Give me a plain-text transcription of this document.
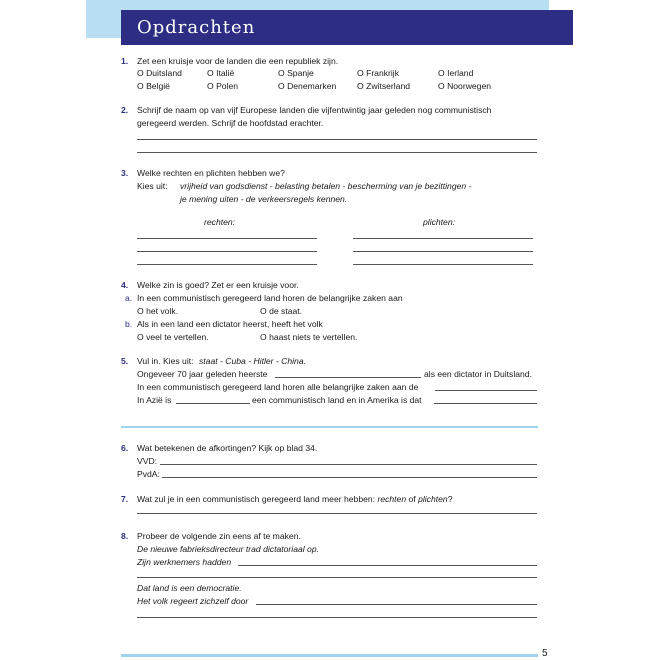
Opdrachten
1. Zet een kruisje voor de landen die een republiek zijn.
O Duitsland	O Italië	O Spanje	O Frankrijk	O Ierland
O België	O Polen	O Denemarken O Zwitserland	O Noorwegen
2. Schrijf de naam op van vijf Europese landen die vijfentwintig jaar geleden nog communistisch
geregeerd werden. Schrijf de hoofdstad erachter.
3. Welke rechten en plichten hebben we?
Kies uit: vrijheid van godsdienst - belasting betalen - bescherming van je bezittingen -
je mening uiten - de verkeersregels kennen.
rechten:	plichten:
4. Welke zin is goed? Zet er een kruisje voor.
a. In een communistisch geregeerd land horen de belangrijke zaken aan
O het volk.	O de staat.
b. Als in een land een dictator heerst, heeft het volk
O veel te vertellen.	O haast niets te vertellen.
5. Vul in. Kies uit: staat - Cuba - Hitler - China.
Ongeveer 70 jaar geleden heerste	als een dictator in Duitsland.
In een communistisch geregeerd land horen alle belangrijke zaken aan de
In Azië is	een communistisch land en in Amerika is dat
6. Wat betekenen de afkortingen? Kijk op blad 34.
VVD:
PvdA:
7. Wat zul je in een communistisch geregeerd land meer hebben: rechten of plichten?
8. Probeer de volgende zin eens af te maken.
De nieuwe fabrieksdirecteur trad dictatoriaal op.
Zijn werknemers hadden
Dat land is een democratie.
Het volk regeert zichzelf door
5
